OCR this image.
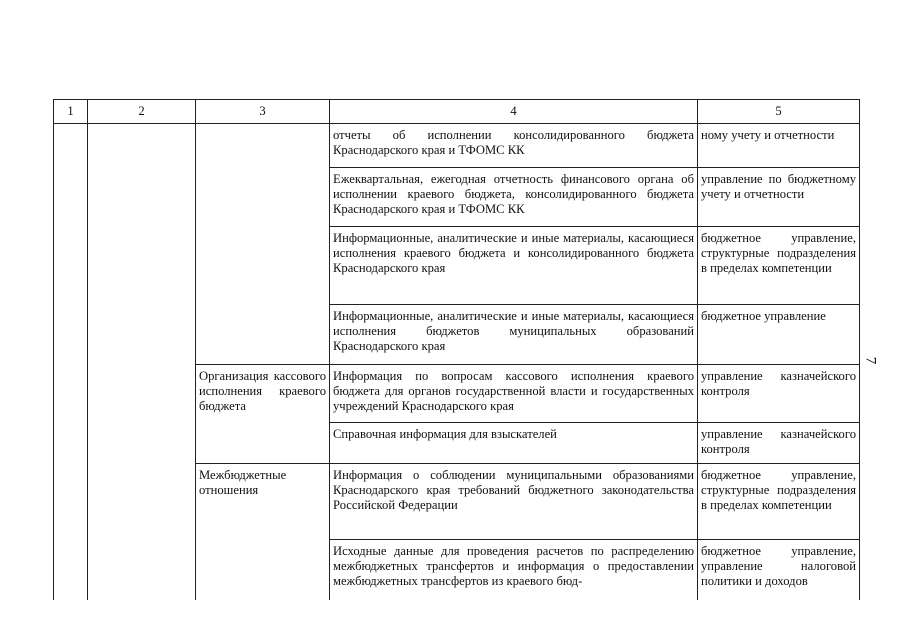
1	2	3	4	5
			отчеты об исполнении консолидированного бюджета Краснодарского края и ТФОМС КК	ному учету и отчетности
			Ежеквартальная, ежегодная отчетность финансового органа об исполнении краевого бюджета, консолидированного бюджета Краснодарского края и ТФОМС КК	управление по бюджетному учету и отчетности
			Информационные, аналитические и иные материалы, касающиеся исполнения краевого бюджета и консолидированного бюджета Краснодарского края	бюджетное управление, структурные подразделения в пределах компетенции
			Информационные, аналитические и иные материалы, касающиеся исполнения бюджетов муниципальных образований Краснодарского края	бюджетное управление
		Организация кассового исполнения краевого бюджета	Информация по вопросам кассового исполнения краевого бюджета для органов государственной власти и государственных учреждений Краснодарского края	управление казначейского контроля
			Справочная информация для взыскателей	управление казначейского контроля
		Межбюджетные отношения	Информация о соблюдении муниципальными образованиями Краснодарского края требований бюджетного законодательства Российской Федерации	бюджетное управление, структурные подразделения в пределах компетенции
			Исходные данные для проведения расчетов по распределению межбюджетных трансфертов и информация о предоставлении межбюджетных трансфертов из краевого бюд-	бюджетное управление, управление налоговой политики и доходов
7
